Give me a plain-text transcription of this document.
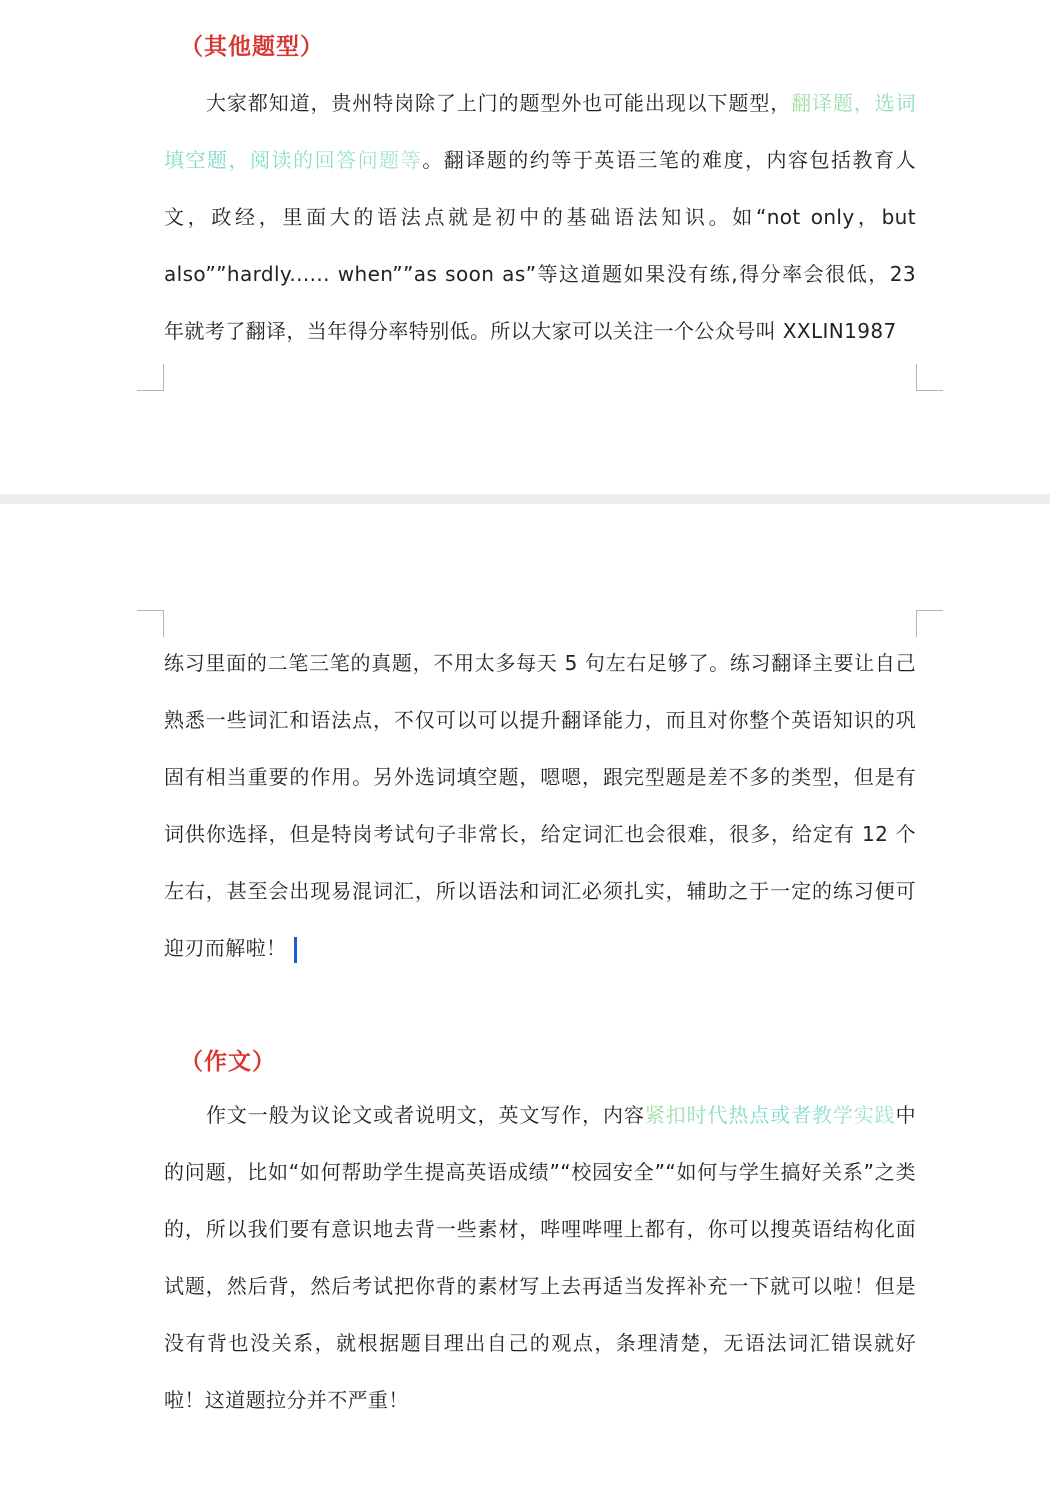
（其他题型）

大家都知道，贵州特岗除了上门的题型外也可能出现以下题型，翻译题，选词填空题，阅读的回答问题等。翻译题的约等于英语三笔的难度，内容包括教育人文，政经，里面大的语法点就是初中的基础语法知识。如“not only，but also””hardly...... when””as soon as”等这道题如果没有练,得分率会很低，23 年就考了翻译，当年得分率特别低。所以大家可以关注一个公众号叫 XXLIN1987

练习里面的二笔三笔的真题，不用太多每天 5 句左右足够了。练习翻译主要让自己熟悉一些词汇和语法点，不仅可以可以提升翻译能力，而且对你整个英语知识的巩固有相当重要的作用。另外选词填空题，嗯嗯，跟完型题是差不多的类型，但是有词供你选择，但是特岗考试句子非常长，给定词汇也会很难，很多，给定有 12 个左右，甚至会出现易混词汇，所以语法和词汇必须扎实，辅助之于一定的练习便可迎刃而解啦！

（作文）

作文一般为议论文或者说明文，英文写作，内容紧扣时代热点或者教学实践中的问题，比如“如何帮助学生提高英语成绩”“校园安全”“如何与学生搞好关系”之类的，所以我们要有意识地去背一些素材，哔哩哔哩上都有，你可以搜英语结构化面试题，然后背，然后考试把你背的素材写上去再适当发挥补充一下就可以啦！但是没有背也没关系，就根据题目理出自己的观点，条理清楚，无语法词汇错误就好啦！这道题拉分并不严重！
